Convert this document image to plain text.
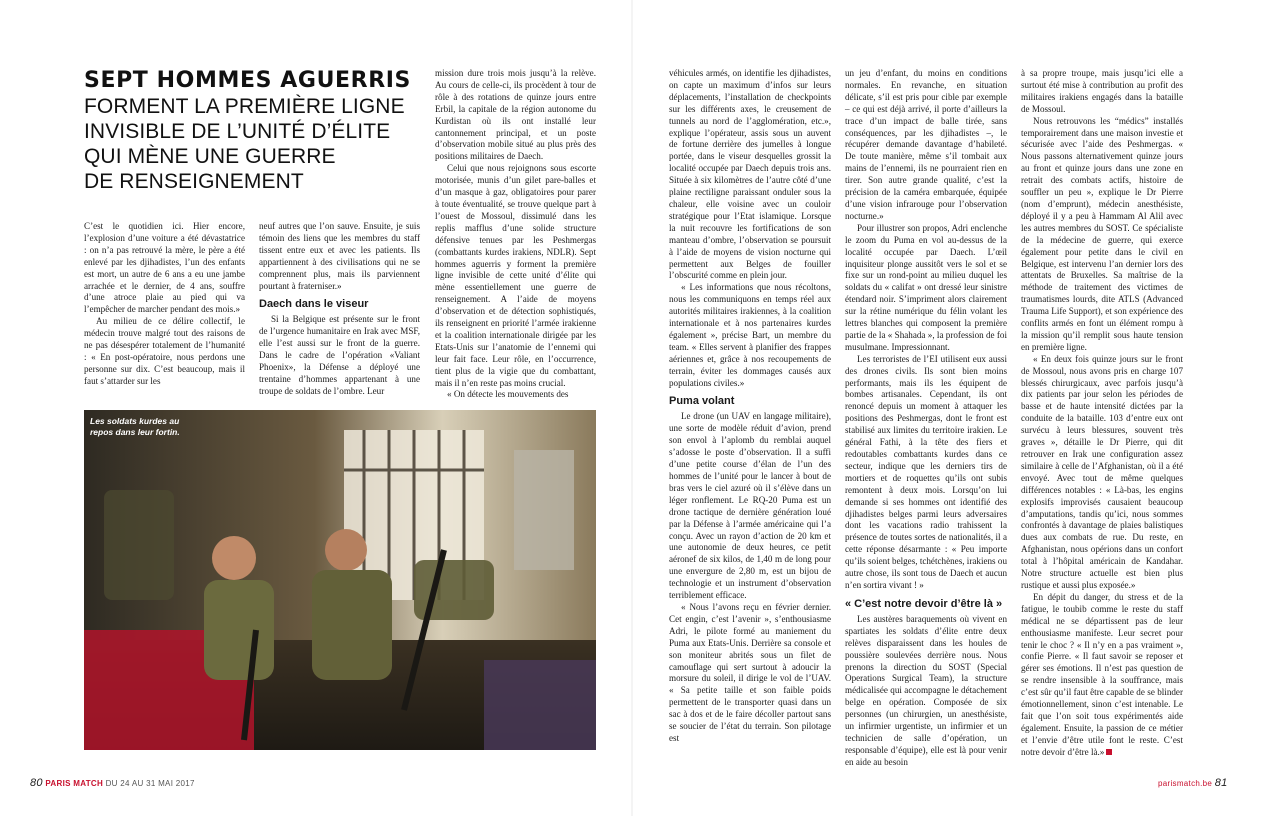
SEPT HOMMES AGUERRIS
FORMENT LA PREMIÈRE LIGNE
INVISIBLE DE L’UNITÉ D’ÉLITE
QUI MÈNE UNE GUERRE
DE RENSEIGNEMENT

C’est le quotidien ici. Hier encore, l’explosion d’une voiture a été dévastatrice : on n’a pas retrouvé la mère, le père a été enlevé par les djihadistes, l’un des enfants est mort, un autre de 6 ans a eu une jambe arrachée et le dernier, de 4 ans, souffre d’une atroce plaie au pied qui va l’empêcher de marcher pendant des mois.»

Au milieu de ce délire collectif, le médecin trouve malgré tout des raisons de ne pas désespérer totalement de l’humanité : « En post-opératoire, nous perdons une personne sur dix. C’est beaucoup, mais il faut s’attarder sur les

neuf autres que l’on sauve. Ensuite, je suis témoin des liens que les membres du staff tissent entre eux et avec les patients. Ils appartiennent à des civilisations qui ne se comprennent plus, mais ils parviennent pourtant à fraterniser.»

Daech dans le viseur

Si la Belgique est présente sur le front de l’urgence humanitaire en Irak avec MSF, elle l’est aussi sur le front de la guerre. Dans le cadre de l’opération «Valiant Phoenix», la Défense a déployé une trentaine d’hommes appartenant à une troupe de soldats de l’ombre. Leur

mission dure trois mois jusqu’à la relève. Au cours de celle-ci, ils procèdent à tour de rôle à des rotations de quinze jours entre Erbil, la capitale de la région autonome du Kurdistan où ils ont installé leur cantonnement principal, et un poste d’observation mobile situé au plus près des positions militaires de Daech.

Celui que nous rejoignons sous escorte motorisée, munis d’un gilet pare-balles et d’un masque à gaz, obligatoires pour parer à toute éventualité, se trouve quelque part à l’ouest de Mossoul, dissimulé dans les replis mafflus d’une solide structure défensive tenues par les Peshmergas (combattants kurdes irakiens, NDLR). Sept hommes aguerris y forment la première ligne invisible de cette unité d’élite qui mène essentiellement une guerre de renseignement. A l’aide de moyens d’observation et de détection sophistiqués, ils renseignent en priorité l’armée irakienne et la coalition internationale dirigée par les Etats-Unis sur l’anatomie de l’ennemi qui leur fait face. Leur rôle, en l’occurrence, tient plus de la vigie que du combattant, mais il n’en reste pas moins crucial.

« On détecte les mouvements des

Les soldats kurdes au repos dans leur fortin.
80 PARIS MATCH DU 24 AU 31 MAI 2017

véhicules armés, on identifie les djihadistes, on capte un maximum d’infos sur leurs déplacements, l’installation de checkpoints sur les différents axes, le creusement de tunnels au nord de l’agglomération, etc.», explique l’opérateur, assis sous un auvent de fortune derrière des jumelles à longue portée, dans le viseur desquelles grossit la localité occupée par Daech depuis trois ans. Située à six kilomètres de l’autre côté d’une plaine rectiligne paraissant onduler sous la chaleur, elle voisine avec un couloir stratégique pour l’Etat islamique. Lorsque la nuit recouvre les fortifications de son manteau d’ombre, l’observation se poursuit à l’aide de moyens de vision nocturne qui permettent aux Belges de fouiller l’obscurité comme en plein jour.

« Les informations que nous récoltons, nous les communiquons en temps réel aux autorités militaires irakiennes, à la coalition internationale et à nos partenaires kurdes également », précise Bart, un membre du team. « Elles servent à planifier des frappes aériennes et, grâce à nos recoupements de terrain, éviter les dommages causés aux populations civiles.»

Puma volant

Le drone (un UAV en langage militaire), une sorte de modèle réduit d’avion, prend son envol à l’aplomb du remblai auquel s’adosse le poste d’observation. Il a suffi d’une petite course d’élan de l’un des hommes de l’unité pour le lancer à bout de bras vers le ciel azuré où il s’élève dans un léger ronflement. Le RQ-20 Puma est un drone tactique de dernière génération loué par la Défense à l’armée américaine qui l’a conçu. Avec un rayon d’action de 20 km et une autonomie de deux heures, ce petit aéronef de six kilos, de 1,40 m de long pour une envergure de 2,80 m, est un bijou de technologie et un instrument d’observation terriblement efficace.

« Nous l’avons reçu en février dernier. Cet engin, c’est l’avenir », s’enthousiasme Adri, le pilote formé au maniement du Puma aux Etats-Unis. Derrière sa console et son moniteur abrités sous un filet de camouflage qui sert surtout à adoucir la morsure du soleil, il dirige le vol de l’UAV. « Sa petite taille et son faible poids permettent de le transporter quasi dans un sac à dos et de le faire décoller partout sans se soucier de l’état du terrain. Son pilotage est

un jeu d’enfant, du moins en conditions normales. En revanche, en situation délicate, s’il est pris pour cible par exemple – ce qui est déjà arrivé, il porte d’ailleurs la trace d’un impact de balle tirée, sans conséquences, par les djihadistes –, le récupérer demande davantage d’habileté. De toute manière, même s’il tombait aux mains de l’ennemi, ils ne pourraient rien en tirer. Son autre grande qualité, c’est la précision de la caméra embarquée, équipée d’une vision infrarouge pour l’observation nocturne.»

Pour illustrer son propos, Adri enclenche le zoom du Puma en vol au-dessus de la localité occupée par Daech. L’œil inquisiteur plonge aussitôt vers le sol et se fixe sur un rond-point au milieu duquel les soldats du « califat » ont dressé leur sinistre étendard noir. S’impriment alors clairement sur la rétine numérique du félin volant les lettres blanches qui composent la première partie de la « Shahada », la profession de foi musulmane. Impressionnant.

Les terroristes de l’EI utilisent eux aussi des drones civils. Ils sont bien moins performants, mais ils les équipent de bombes artisanales. Cependant, ils ont renoncé depuis un moment à attaquer les positions des Peshmergas, dont le front est stabilisé aux limites du territoire irakien. Le général Fathi, à la tête des fiers et redoutables combattants kurdes dans ce secteur, indique que les derniers tirs de mortiers et de roquettes qu’ils ont subis remontent à deux mois. Lorsqu’on lui demande si ses hommes ont identifié des djihadistes belges parmi leurs adversaires dont les vacations radio trahissent la présence de toutes sortes de nationalités, il a cette réponse désarmante : « Peu importe qu’ils soient belges, tchétchènes, irakiens ou autre chose, ils sont tous de Daech et aucun n’en sortira vivant ! »

« C’est notre devoir d’être là »

Les austères baraquements où vivent en spartiates les soldats d’élite entre deux relèves disparaissent dans les houles de poussière soulevées derrière nous. Nous prenons la direction du SOST (Special Operations Surgical Team), la structure médicalisée qui accompagne le détachement belge en opération. Composée de six personnes (un chirurgien, un anesthésiste, un infirmier urgentiste, un infirmier et un technicien de salle d’opération, un responsable d’équipe), elle est là pour venir en aide au besoin

à sa propre troupe, mais jusqu’ici elle a surtout été mise à contribution au profit des militaires irakiens engagés dans la bataille de Mossoul.

Nous retrouvons les “médics” installés temporairement dans une maison investie et sécurisée avec l’aide des Peshmergas. « Nous passons alternativement quinze jours au front et quinze jours dans une zone en retrait des combats actifs, histoire de souffler un peu », explique le Dr Pierre (nom d’emprunt), médecin anesthésiste, déployé il y a peu à Hammam Al Alil avec les autres membres du SOST. Ce spécialiste de la médecine de guerre, qui exerce également pour petite dans le civil en Belgique, est intervenu l’an dernier lors des attentats de Bruxelles. Sa maîtrise de la méthode de traitement des victimes de traumatismes lourds, dite ATLS (Advanced Trauma Life Support), et son expérience des conflits armés en font un élément rompu à la mission qu’il remplit sous haute tension en première ligne.

« En deux fois quinze jours sur le front de Mossoul, nous avons pris en charge 107 blessés chirurgicaux, avec parfois jusqu’à dix patients par jour selon les périodes de basse et de haute intensité dictées par la conduite de la bataille. 103 d’entre eux ont survécu à leurs blessures, souvent très graves », détaille le Dr Pierre, qui dit retrouver en Irak une configuration assez similaire à celle de l’Afghanistan, où il a été envoyé. Avec tout de même quelques différences notables : « Là-bas, les engins explosifs improvisés causaient beaucoup d’amputations, tandis qu’ici, nous sommes confrontés à davantage de plaies balistiques dues aux combats de rue. Du reste, en Afghanistan, nous opérions dans un confort total à l’hôpital américain de Kandahar. Notre structure actuelle est bien plus rustique et aussi plus exposée.»

En dépit du danger, du stress et de la fatigue, le toubib comme le reste du staff médical ne se départissent pas de leur enthousiasme manifeste. Leur secret pour tenir le choc ? « Il n’y en a pas vraiment », confie Pierre. « Il faut savoir se reposer et gérer ses émotions. Il n’est pas question de se rendre insensible à la souffrance, mais c’est sûr qu’il faut être capable de se blinder émotionnellement, sinon c’est intenable. Le fait que l’on soit tous expérimentés aide également. Ensuite, la passion de ce métier et l’envie d’être utile font le reste. C’est notre devoir d’être là.»

parismatch.be 81
